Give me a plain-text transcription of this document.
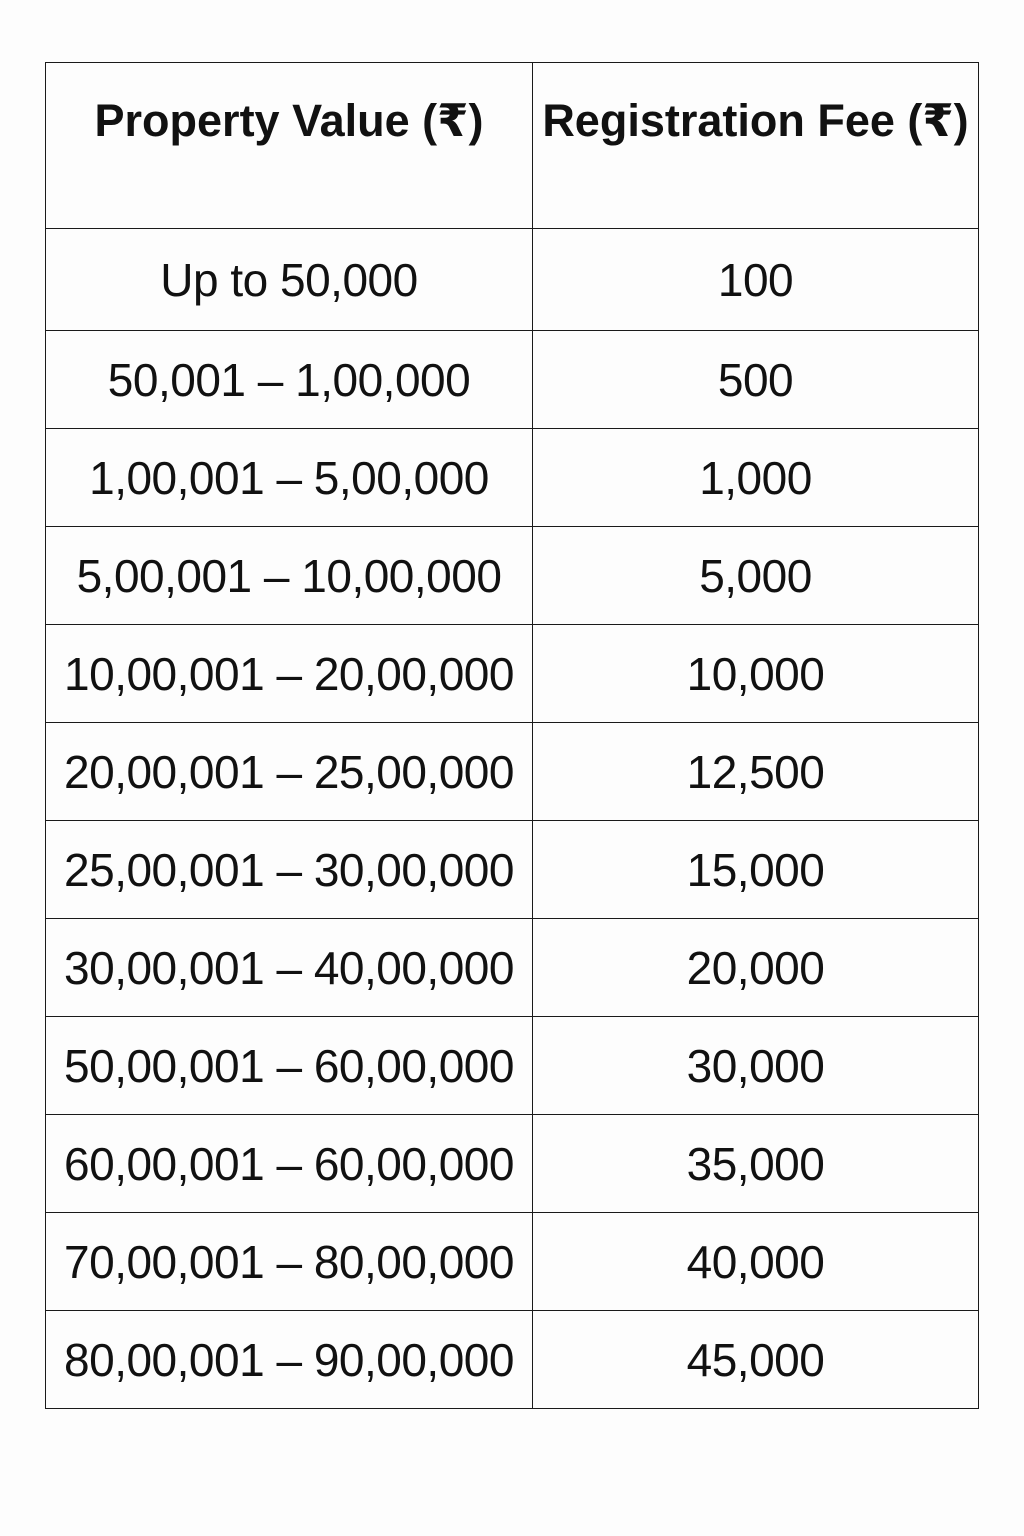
Property Value (₹)	Registration Fee (₹)
Up to 50,000	100
50,001 – 1,00,000	500
1,00,001 – 5,00,000	1,000
5,00,001 – 10,00,000	5,000
10,00,001 – 20,00,000	10,000
20,00,001 – 25,00,000	12,500
25,00,001 – 30,00,000	15,000
30,00,001 – 40,00,000	20,000
50,00,001 – 60,00,000	30,000
60,00,001 – 60,00,000	35,000
70,00,001 – 80,00,000	40,000
80,00,001 – 90,00,000	45,000
